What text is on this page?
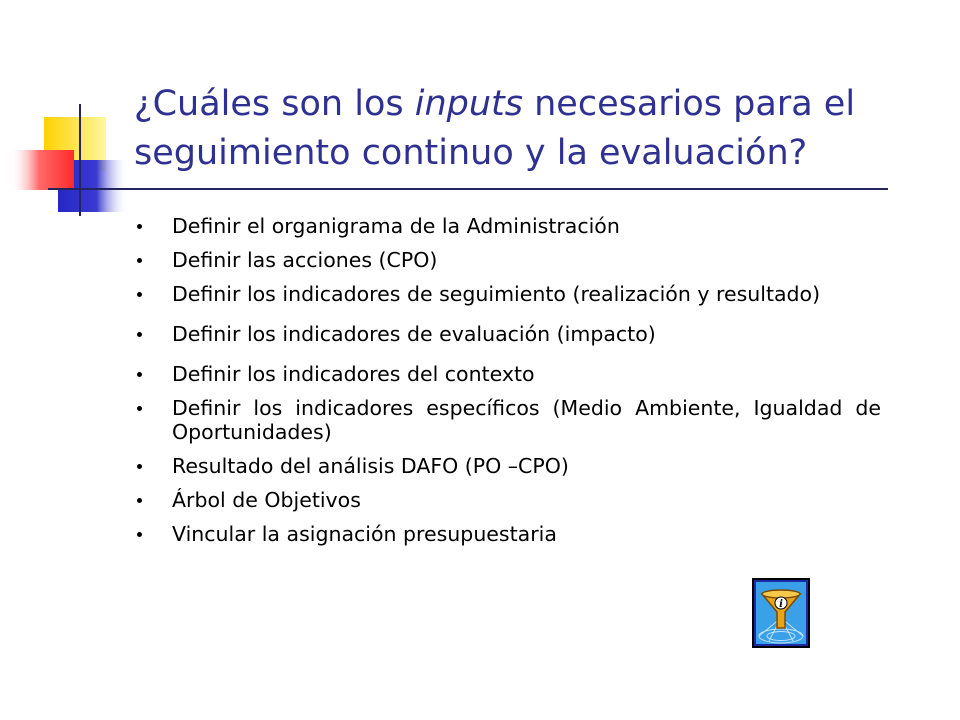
¿Cuáles son los inputs necesarios para el
seguimiento continuo y la evaluación?
Definir el organigrama de la Administración
Definir las acciones (CPO)
Definir los indicadores de seguimiento (realización y resultado)
Definir los indicadores de evaluación (impacto)
Definir los indicadores del contexto
Definir los indicadores específicos (Medio Ambiente, Igualdad de Oportunidades)
Resultado del análisis DAFO (PO –CPO)
Árbol de Objetivos
Vincular la asignación presupuestaria
i
